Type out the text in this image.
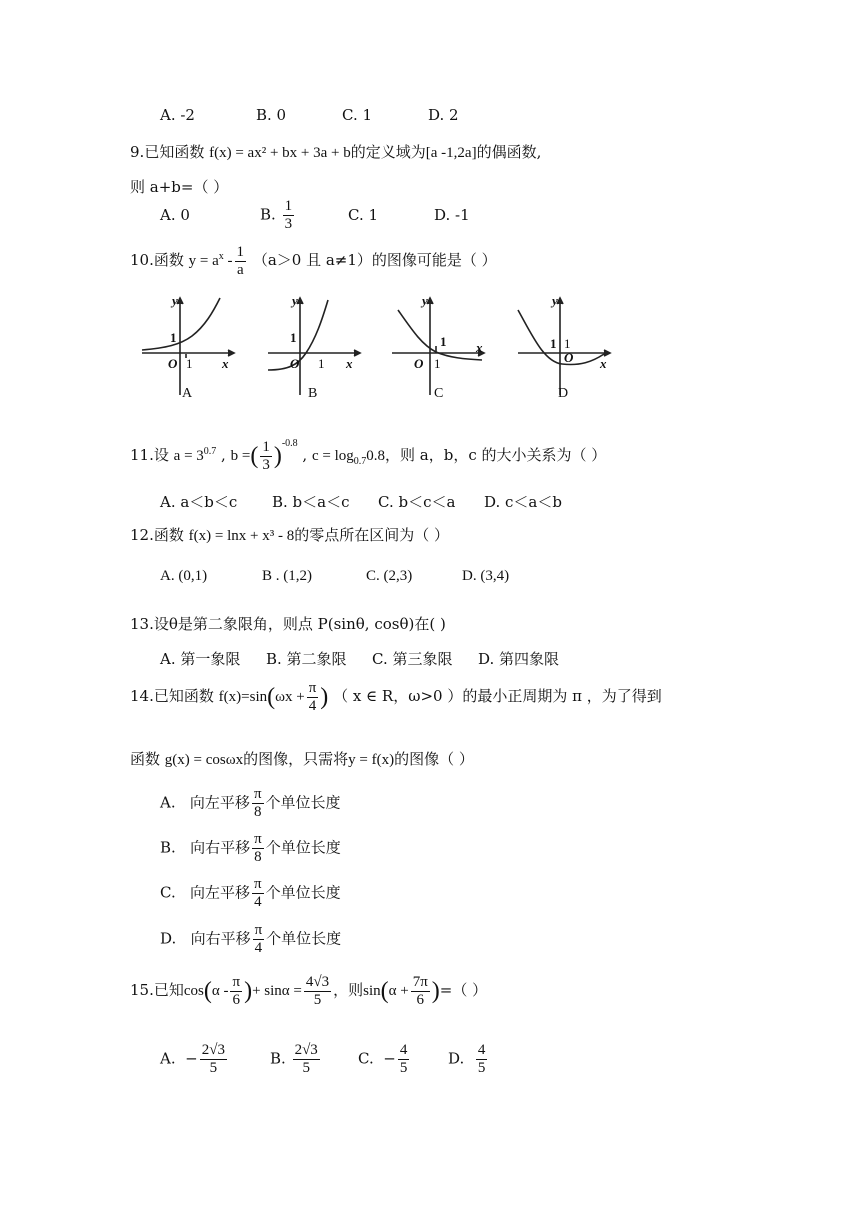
A. -2	B. 0	C. 1	D. 2
9.已知函数 f(x) = ax² + bx + 3a + b的定义域为[a -1,2a]的偶函数,
则 a+b=（ ）
A. 0	B. $\frac{1}{3}$	C. 1	D. -1
10.函数 $y = a^x - \frac{1}{a} (a>0$ 且 a≠1）的图像可能是（ ）
y
1
O 1 x
A
y
1
O 1 x
B
y
1
O 1
x
C
y
1
O
1
x
D
11.设 $a = 3^{0.7}$ , b =( $\frac{1}{3} )^{-0.8}$ , $c = \log_{0.7}0.8$，则 a，b，c 的大小关系为（ ）
A. a＜b＜c B. b＜a＜c C. b＜c＜a D. c＜a＜b
12.函数 f(x) = lnx + x³ - 8的零点所在区间为（ ）
A. (0,1)	B . (1,2)	C. (2,3)	D. (3,4)
13.设θ是第二象限角，则点 P(sinθ, cosθ)在( )
A. 第一象限 B. 第二象限 C. 第三象限 D. 第四象限
14.已知函数 $f(x)=\sin(\omega x + \frac{\pi}{4}$ ) （ x ∈ R，ω>0 ）的最小正周期为 π ，为了得到
函数 g(x) = cosωx的图像，只需将y = f(x)的图像（ ）
A. 向左平移 $\frac{\pi}{8}$ 个单位长度
B. 向右平移 $\frac{\pi}{8}$ 个单位长度
C. 向左平移 $\frac{\pi}{4}$ 个单位长度
D. 向右平移 $\frac{\pi}{4}$ 个单位长度
15.已知$\cos(\alpha - \frac{\pi}{6}$ )+ $\sin\alpha = \frac{4√3}{5}$ ，则$\sin(\alpha + \frac{7\pi}{6}$ )=（ ）
A. − $\frac{2√3}{5}$	B. $\frac{2√3}{5}$	C. − $\frac{4}{5}$	D. $\frac{4}{5}$
